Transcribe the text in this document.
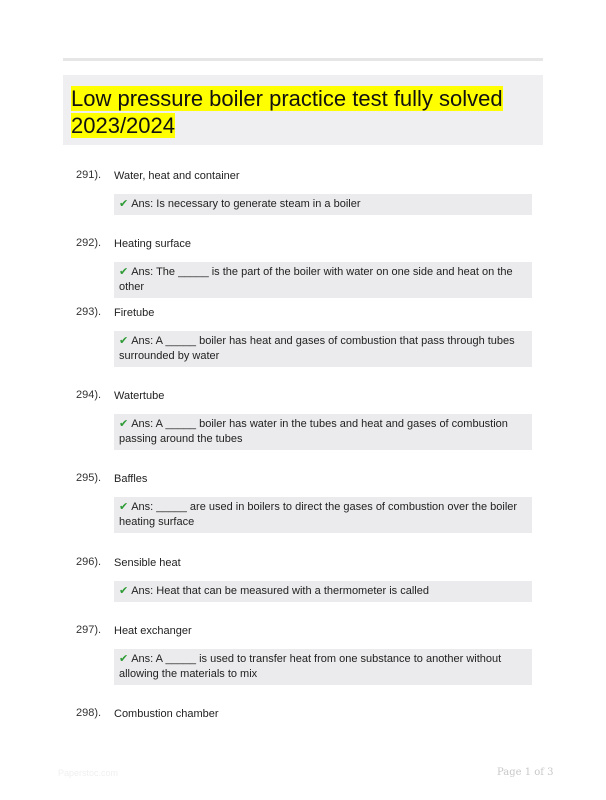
Low pressure boiler practice test fully solved 2023/2024
291). Water, heat and container
✔ Ans: Is necessary to generate steam in a boiler
292). Heating surface
✔ Ans: The _____ is the part of the boiler with water on one side and heat on the other
293). Firetube
✔ Ans: A _____ boiler has heat and gases of combustion that pass through tubes surrounded by water
294). Watertube
✔ Ans: A _____ boiler has water in the tubes and heat and gases of combustion passing around the tubes
295). Baffles
✔ Ans: _____ are used in boilers to direct the gases of combustion over the boiler heating surface
296). Sensible heat
✔ Ans: Heat that can be measured with a thermometer is called
297). Heat exchanger
✔ Ans: A _____ is used to transfer heat from one substance to another without allowing the materials to mix
298). Combustion chamber
Paperstoc.com	Page 1 of 3
